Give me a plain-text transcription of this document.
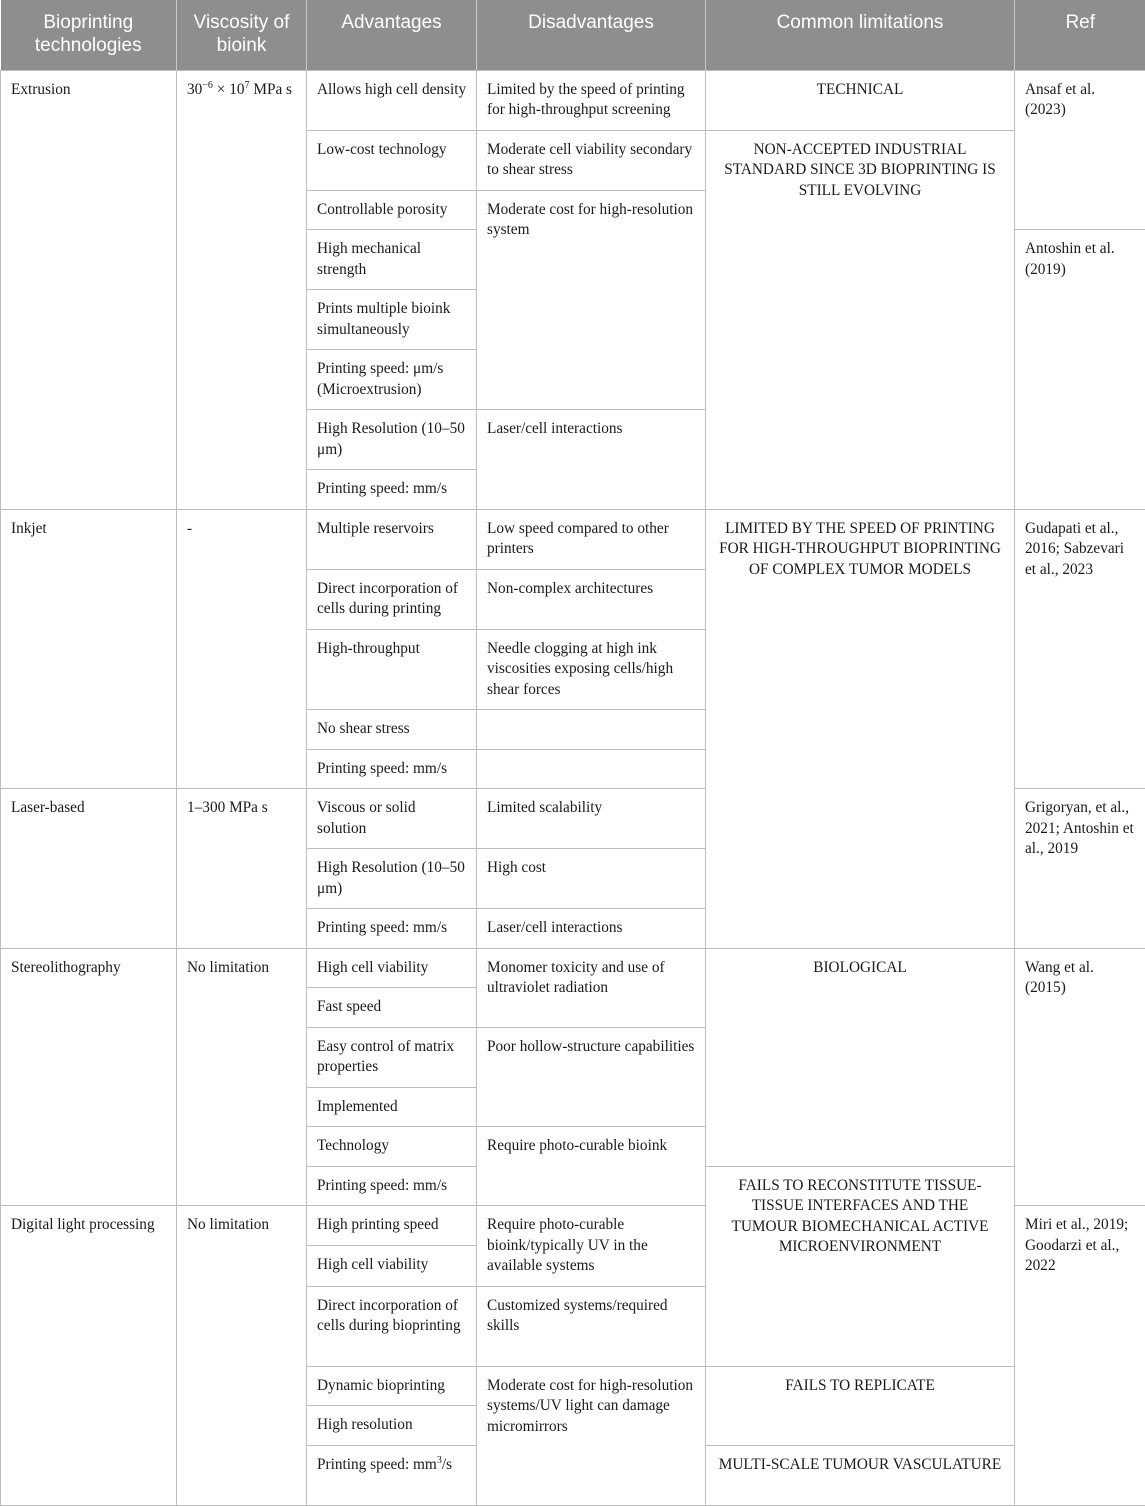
Bioprinting technologies	Viscosity of bioink	Advantages	Disadvantages	Common limitations	Ref
Extrusion	$30^{-6} \times 10^7$ MPa s	Allows high cell density	Limited by the speed of printing for high-throughput screening	TECHNICAL	Ansaf et al. (2023)
		Low-cost technology	Moderate cell viability secondary to shear stress	NON-ACCEPTED INDUSTRIAL STANDARD SINCE 3D BIOPRINTING IS STILL EVOLVING	
		Controllable porosity	Moderate cost for high-resolution system		
		High mechanical strength			Antoshin et al. (2019)
		Prints multiple bioink simultaneously			
		Printing speed: μm/s (Microextrusion)			
		High Resolution (10–50 μm)	Laser/cell interactions		
		Printing speed: mm/s			
Inkjet	-	Multiple reservoirs	Low speed compared to other printers	LIMITED BY THE SPEED OF PRINTING FOR HIGH-THROUGHPUT BIOPRINTING OF COMPLEX TUMOR MODELS	Gudapati et al., 2016; Sabzevari et al., 2023
		Direct incorporation of cells during printing	Non-complex architectures		
		High-throughput	Needle clogging at high ink viscosities exposing cells/high shear forces		
		No shear stress			
		Printing speed: mm/s			
Laser-based	1–300 MPa s	Viscous or solid solution	Limited scalability		Grigoryan, et al., 2021; Antoshin et al., 2019
		High Resolution (10–50 μm)	High cost		
		Printing speed: mm/s	Laser/cell interactions		
Stereolithography	No limitation	High cell viability	Monomer toxicity and use of ultraviolet radiation	BIOLOGICAL	Wang et al. (2015)
		Fast speed			
		Easy control of matrix properties	Poor hollow-structure capabilities		
		Implemented			
		Technology	Require photo-curable bioink		
		Printing speed: mm/s		FAILS TO RECONSTITUTE TISSUE-TISSUE INTERFACES AND THE TUMOUR BIOMECHANICAL ACTIVE MICROENVIRONMENT	
Digital light processing	No limitation	High printing speed	Require photo-curable bioink/typically UV in the available systems		Miri et al., 2019; Goodarzi et al., 2022
		High cell viability			
		Direct incorporation of cells during bioprinting	Customized systems/required skills		
		Dynamic bioprinting	Moderate cost for high-resolution systems/UV light can damage micromirrors	FAILS TO REPLICATE	
		High resolution			
		Printing speed: $mm^3/s$		MULTI-SCALE TUMOUR VASCULATURE	
